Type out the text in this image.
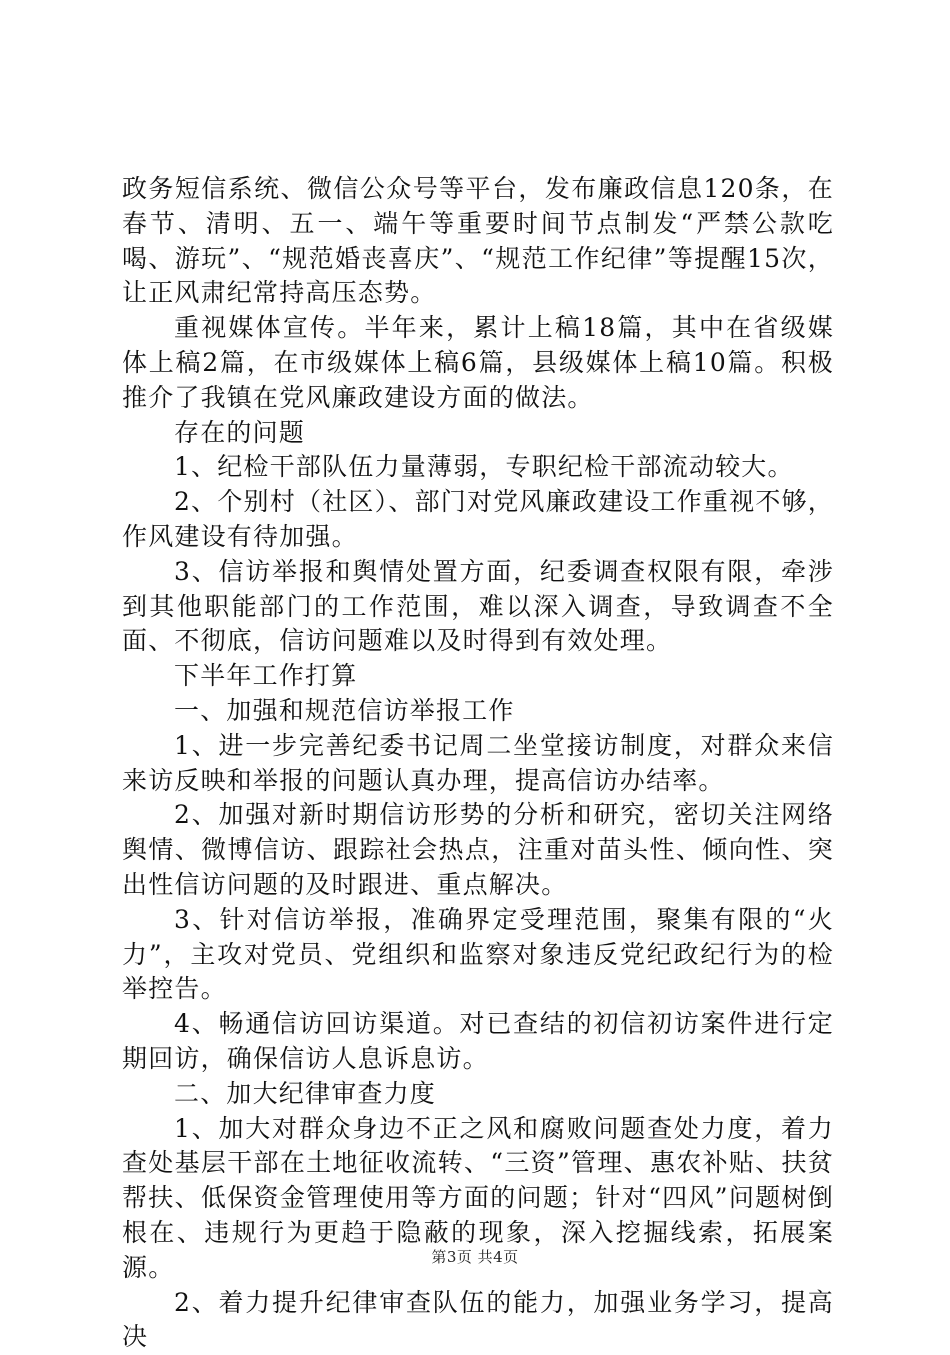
政务短信系统、微信公众号等平台，发布廉政信息120条，在春节、清明、五一、端午等重要时间节点制发“严禁公款吃喝、游玩”、“规范婚丧喜庆”、“规范工作纪律”等提醒15次，让正风肃纪常持高压态势。

重视媒体宣传。半年来，累计上稿18篇，其中在省级媒体上稿2篇，在市级媒体上稿6篇，县级媒体上稿10篇。积极推介了我镇在党风廉政建设方面的做法。

存在的问题

1、纪检干部队伍力量薄弱，专职纪检干部流动较大。

2、个别村（社区）、部门对党风廉政建设工作重视不够，作风建设有待加强。

3、信访举报和舆情处置方面，纪委调查权限有限，牵涉到其他职能部门的工作范围，难以深入调查，导致调查不全面、不彻底，信访问题难以及时得到有效处理。

下半年工作打算

一、加强和规范信访举报工作

1、进一步完善纪委书记周二坐堂接访制度，对群众来信来访反映和举报的问题认真办理，提高信访办结率。

2、加强对新时期信访形势的分析和研究，密切关注网络舆情、微博信访、跟踪社会热点，注重对苗头性、倾向性、突出性信访问题的及时跟进、重点解决。

3、针对信访举报，准确界定受理范围，聚集有限的“火力”，主攻对党员、党组织和监察对象违反党纪政纪行为的检举控告。

4、畅通信访回访渠道。对已查结的初信初访案件进行定期回访，确保信访人息诉息访。

二、加大纪律审查力度

1、加大对群众身边不正之风和腐败问题查处力度，着力查处基层干部在土地征收流转、“三资”管理、惠农补贴、扶贫帮扶、低保资金管理使用等方面的问题；针对“四风”问题树倒根在、违规行为更趋于隐蔽的现象，深入挖掘线索，拓展案源。

2、着力提升纪律审查队伍的能力，加强业务学习，提高决

第3页 共4页
